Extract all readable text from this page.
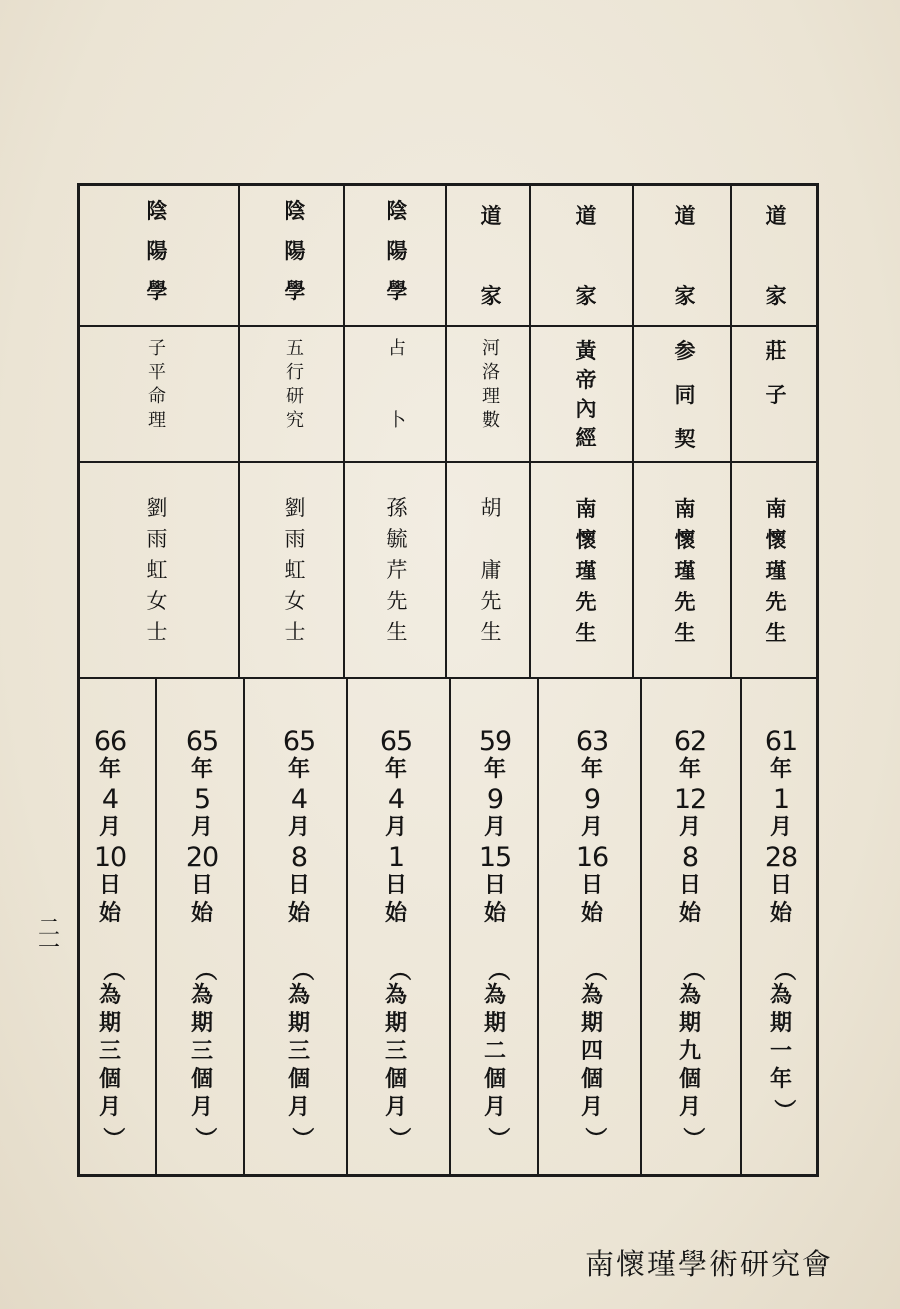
道
家
莊
子
南
懷
瑾
先
生
61
年
1
月
28
日
始
（
為
期
一
年
）
道
家
参
同
契
南
懷
瑾
先
生
62
年
12
月
8
日
始
（
為
期
九
個
月
）
道
家
黃
帝
內
經
南
懷
瑾
先
生
63
年
9
月
16
日
始
（
為
期
四
個
月
）
道
家
河
洛
理
數
胡

庸
先
生
59
年
9
月
15
日
始
（
為
期
二
個
月
）
陰
陽
學
占

卜
孫
毓
芹
先
生
65
年
4
月
1
日
始
（
為
期
三
個
月
）
陰
陽
學
五
行
研
究
劉
雨
虹
女
士
65
年
4
月
8
日
始
（
為
期
三
個
月
）
陰
陽
學
子
平
命
理
劉
雨
虹
女
士
65
年
5
月
20
日
始
（
為
期
三
個
月
）
66
年
4
月
10
日
始
（
為
期
三
個
月
）
二
一
南懷瑾學術研究會
